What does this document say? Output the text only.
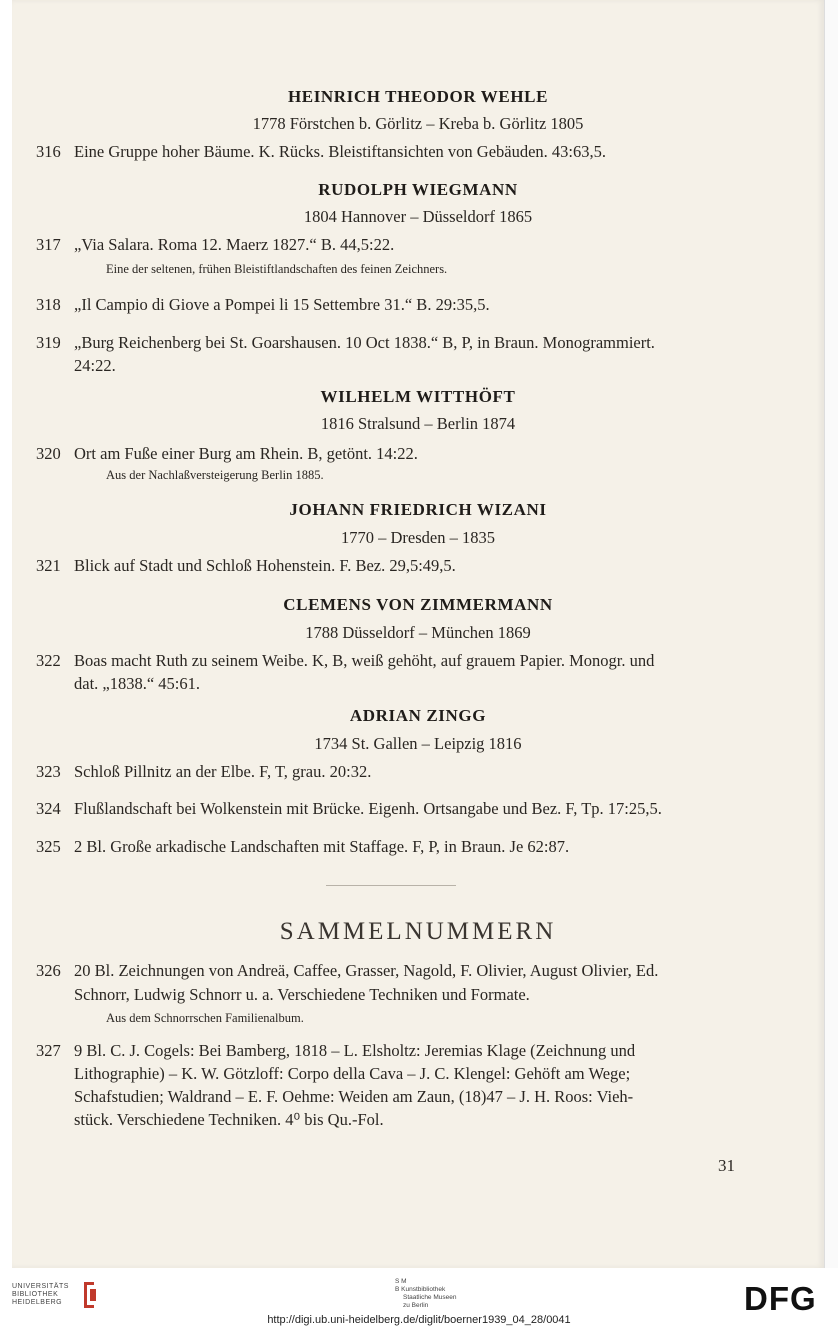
HEINRICH THEODOR WEHLE
1778 Förstchen b. Görlitz – Kreba b. Görlitz 1805
316 Eine Gruppe hoher Bäume. K. Rücks. Bleistiftansichten von Gebäuden. 43:63,5.
RUDOLPH WIEGMANN
1804 Hannover – Düsseldorf 1865
317 „Via Salara. Roma 12. Maerz 1827.“ B. 44,5:22.
Eine der seltenen, frühen Bleistiftlandschaften des feinen Zeichners.
318 „Il Campio di Giove a Pompei li 15 Settembre 31.“ B. 29:35,5.
319 „Burg Reichenberg bei St. Goarshausen. 10 Oct 1838.“ B, P, in Braun. Monogrammiert.
24:22.
WILHELM WITTHÖFT
1816 Stralsund – Berlin 1874
320 Ort am Fuße einer Burg am Rhein. B, getönt. 14:22.
Aus der Nachlaßversteigerung Berlin 1885.
JOHANN FRIEDRICH WIZANI
1770 – Dresden – 1835
321 Blick auf Stadt und Schloß Hohenstein. F. Bez. 29,5:49,5.
CLEMENS VON ZIMMERMANN
1788 Düsseldorf – München 1869
322 Boas macht Ruth zu seinem Weibe. K, B, weiß gehöht, auf grauem Papier. Monogr. und
dat. „1838.“ 45:61.
ADRIAN ZINGG
1734 St. Gallen – Leipzig 1816
323 Schloß Pillnitz an der Elbe. F, T, grau. 20:32.
324 Flußlandschaft bei Wolkenstein mit Brücke. Eigenh. Ortsangabe und Bez. F, Tp. 17:25,5.
325 2 Bl. Große arkadische Landschaften mit Staffage. F, P, in Braun. Je 62:87.
SAMMELNUMMERN
326 20 Bl. Zeichnungen von Andreä, Caffee, Grasser, Nagold, F. Olivier, August Olivier, Ed.
Schnorr, Ludwig Schnorr u. a. Verschiedene Techniken und Formate.
Aus dem Schnorrschen Familienalbum.
327 9 Bl. C. J. Cogels: Bei Bamberg, 1818 – L. Elsholtz: Jeremias Klage (Zeichnung und
Lithographie) – K. W. Götzloff: Corpo della Cava – J. C. Klengel: Gehöft am Wege;
Schafstudien; Waldrand – E. F. Oehme: Weiden am Zaun, (18)47 – J. H. Roos: Vieh-
stück. Verschiedene Techniken. 4⁰ bis Qu.-Fol.
31
UNIVERSITÄTS
BIBLIOTHEK
HEIDELBERG
S M
B Kunstbibliothek
Staatliche Museen
zu Berlin	DFG
http://digi.ub.uni-heidelberg.de/diglit/boerner1939_04_28/0041
